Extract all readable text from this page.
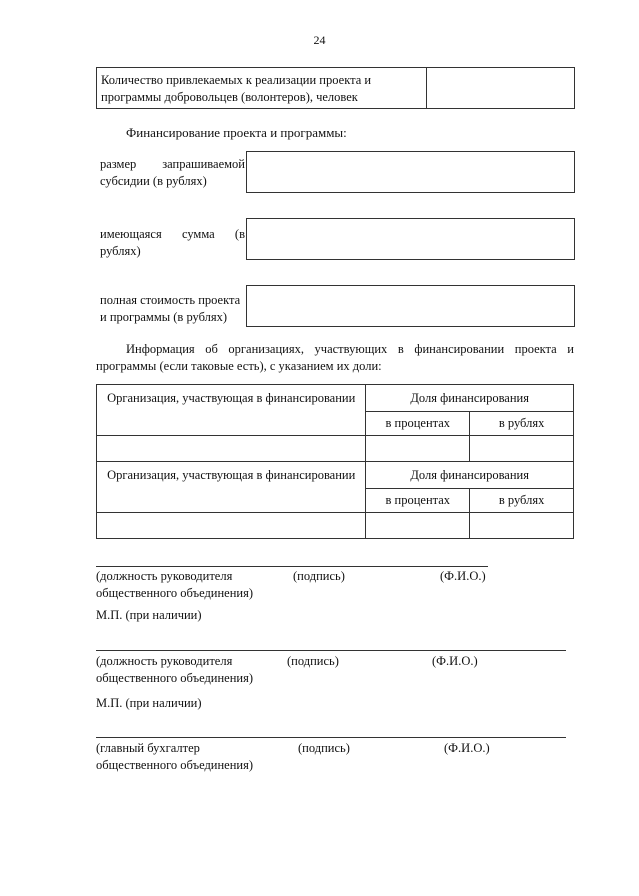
24
Количество привлекаемых к реализации проекта и
программы добровольцев (волонтеров), человек
Финансирование проекта и программы:
размер запрашиваемой
субсидии (в рублях)
имеющаяся сумма (в
рублях)
полная стоимость проекта
и программы (в рублях)
Информация об организациях, участвующих в финансировании проекта и
программы (если таковые есть), с указанием их доли:
Организация, участвующая в финансировании	Доля финансирования	
	в процентах	в рублях

Организация, участвующая в финансировании	Доля финансирования	
	в процентах	в рублях

(должность руководителя
общественного объединения)
(подпись)	(Ф.И.О.)
М.П. (при наличии)
(должность руководителя
общественного объединения)
(подпись)	(Ф.И.О.)
М.П. (при наличии)
(главный бухгалтер
общественного объединения)
(подпись)	(Ф.И.О.)
